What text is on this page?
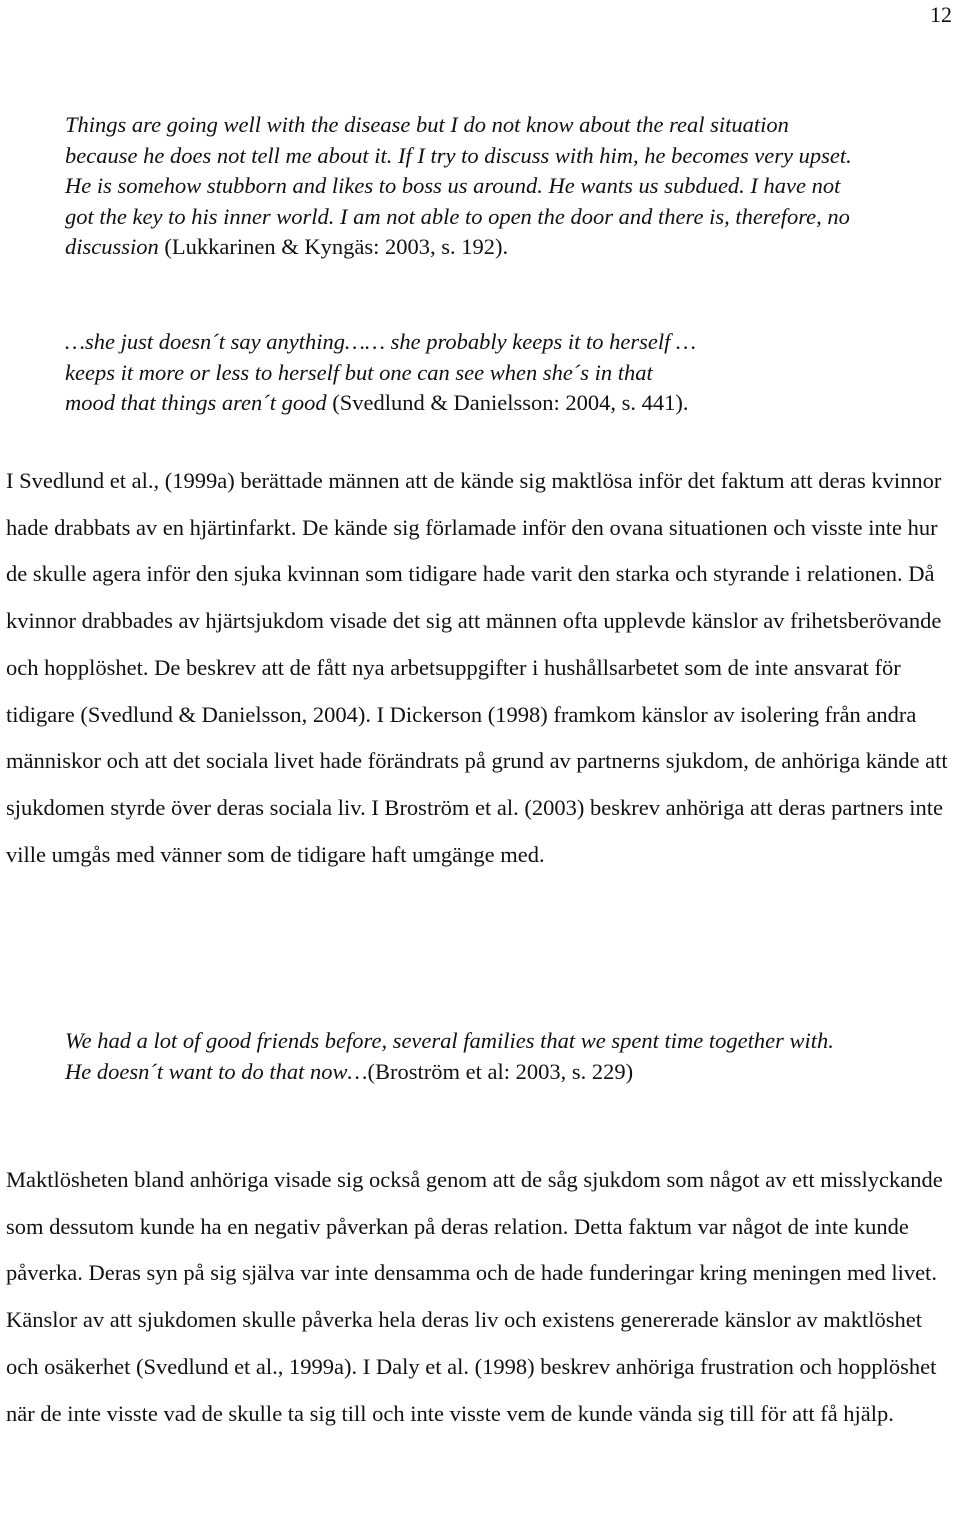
12

Things are going well with the disease but I do not know about the real situation because he does not tell me about it. If I try to discuss with him, he becomes very upset. He is somehow stubborn and likes to boss us around. He wants us subdued. I have not got the key to his inner world. I am not able to open the door and there is, therefore, no discussion (Lukkarinen & Kyngäs: 2003, s. 192).

…she just doesn´t say anything…… she probably keeps it to herself …
keeps it more or less to herself but one can see when she´s in that
mood that things aren´t good (Svedlund & Danielsson: 2004, s. 441).

I Svedlund et al., (1999a) berättade männen att de kände sig maktlösa inför det faktum att deras kvinnor hade drabbats av en hjärtinfarkt. De kände sig förlamade inför den ovana situationen och visste inte hur de skulle agera inför den sjuka kvinnan som tidigare hade varit den starka och styrande i relationen. Då kvinnor drabbades av hjärtsjukdom visade det sig att männen ofta upplevde känslor av frihetsberövande och hopplöshet. De beskrev att de fått nya arbetsuppgifter i hushållsarbetet som de inte ansvarat för tidigare (Svedlund & Danielsson, 2004). I Dickerson (1998) framkom känslor av isolering från andra människor och att det sociala livet hade förändrats på grund av partnerns sjukdom, de anhöriga kände att sjukdomen styrde över deras sociala liv. I Broström et al. (2003) beskrev anhöriga att deras partners inte ville umgås med vänner som de tidigare haft umgänge med.

We had a lot of good friends before, several families that we spent time together with. He doesn´t want to do that now…(Broström et al: 2003, s. 229)

Maktlösheten bland anhöriga visade sig också genom att de såg sjukdom som något av ett misslyckande som dessutom kunde ha en negativ påverkan på deras relation. Detta faktum var något de inte kunde påverka. Deras syn på sig själva var inte densamma och de hade funderingar kring meningen med livet. Känslor av att sjukdomen skulle påverka hela deras liv och existens genererade känslor av maktlöshet och osäkerhet (Svedlund et al., 1999a). I Daly et al. (1998) beskrev anhöriga frustration och hopplöshet när de inte visste vad de skulle ta sig till och inte visste vem de kunde vända sig till för att få hjälp.
